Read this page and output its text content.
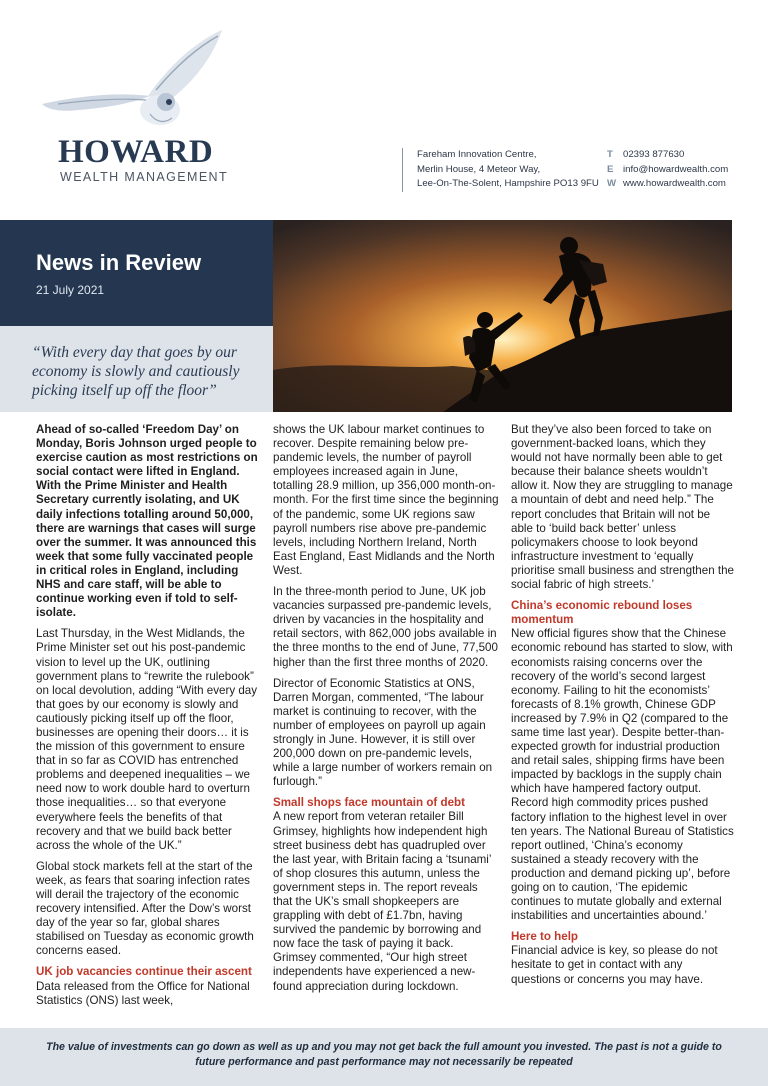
HOWARD
WEALTH MANAGEMENT
Fareham Innovation Centre,
Merlin House, 4 Meteor Way,
Lee-On-The-Solent, Hampshire PO13 9FU
T 02393 877630
E info@howardwealth.com
W www.howardwealth.com
News in Review
21 July 2021
“With every day that goes by our economy is slowly and cautiously picking itself up off the floor”

Ahead of so-called ‘Freedom Day’ on Monday, Boris Johnson urged people to exercise caution as most restrictions on social contact were lifted in England. With the Prime Minister and Health Secretary currently isolating, and UK daily infections totalling around 50,000, there are warnings that cases will surge over the summer. It was announced this week that some fully vaccinated people in critical roles in England, including NHS and care staff, will be able to continue working even if told to self-isolate.

Last Thursday, in the West Midlands, the Prime Minister set out his post-pandemic vision to level up the UK, outlining government plans to “rewrite the rulebook” on local devolution, adding “With every day that goes by our economy is slowly and cautiously picking itself up off the floor, businesses are opening their doors… it is the mission of this government to ensure that in so far as COVID has entrenched problems and deepened inequalities – we need now to work double hard to overturn those inequalities… so that everyone everywhere feels the benefits of that recovery and that we build back better across the whole of the UK.”

Global stock markets fell at the start of the week, as fears that soaring infection rates will derail the trajectory of the economic recovery intensified. After the Dow’s worst day of the year so far, global shares stabilised on Tuesday as economic growth concerns eased.

UK job vacancies continue their ascent

Data released from the Office for National Statistics (ONS) last week,

shows the UK labour market continues to recover. Despite remaining below pre-pandemic levels, the number of payroll employees increased again in June, totalling 28.9 million, up 356,000 month-on-month. For the first time since the beginning of the pandemic, some UK regions saw payroll numbers rise above pre-pandemic levels, including Northern Ireland, North East England, East Midlands and the North West.

In the three-month period to June, UK job vacancies surpassed pre-pandemic levels, driven by vacancies in the hospitality and retail sectors, with 862,000 jobs available in the three months to the end of June, 77,500 higher than the first three months of 2020.

Director of Economic Statistics at ONS, Darren Morgan, commented, “The labour market is continuing to recover, with the number of employees on payroll up again strongly in June. However, it is still over 200,000 down on pre-pandemic levels, while a large number of workers remain on furlough.”

Small shops face mountain of debt

A new report from veteran retailer Bill Grimsey, highlights how independent high street business debt has quadrupled over the last year, with Britain facing a ‘tsunami’ of shop closures this autumn, unless the government steps in. The report reveals that the UK’s small shopkeepers are grappling with debt of £1.7bn, having survived the pandemic by borrowing and now face the task of paying it back. Grimsey commented, “Our high street independents have experienced a new-found appreciation during lockdown.

But they’ve also been forced to take on government-backed loans, which they would not have normally been able to get because their balance sheets wouldn’t allow it. Now they are struggling to manage a mountain of debt and need help.” The report concludes that Britain will not be able to ‘build back better’ unless policymakers choose to look beyond infrastructure investment to ‘equally prioritise small business and strengthen the social fabric of high streets.’

China’s economic rebound loses momentum

New official figures show that the Chinese economic rebound has started to slow, with economists raising concerns over the recovery of the world’s second largest economy. Failing to hit the economists’ forecasts of 8.1% growth, Chinese GDP increased by 7.9% in Q2 (compared to the same time last year). Despite better-than-expected growth for industrial production and retail sales, shipping firms have been impacted by backlogs in the supply chain which have hampered factory output. Record high commodity prices pushed factory inflation to the highest level in over ten years. The National Bureau of Statistics report outlined, ‘China’s economy sustained a steady recovery with the production and demand picking up’, before going on to caution, ‘The epidemic continues to mutate globally and external instabilities and uncertainties abound.’

Here to help

Financial advice is key, so please do not hesitate to get in contact with any questions or concerns you may have.

The value of investments can go down as well as up and you may not get back the full amount you invested. The past is not a guide to future performance and past performance may not necessarily be repeated
